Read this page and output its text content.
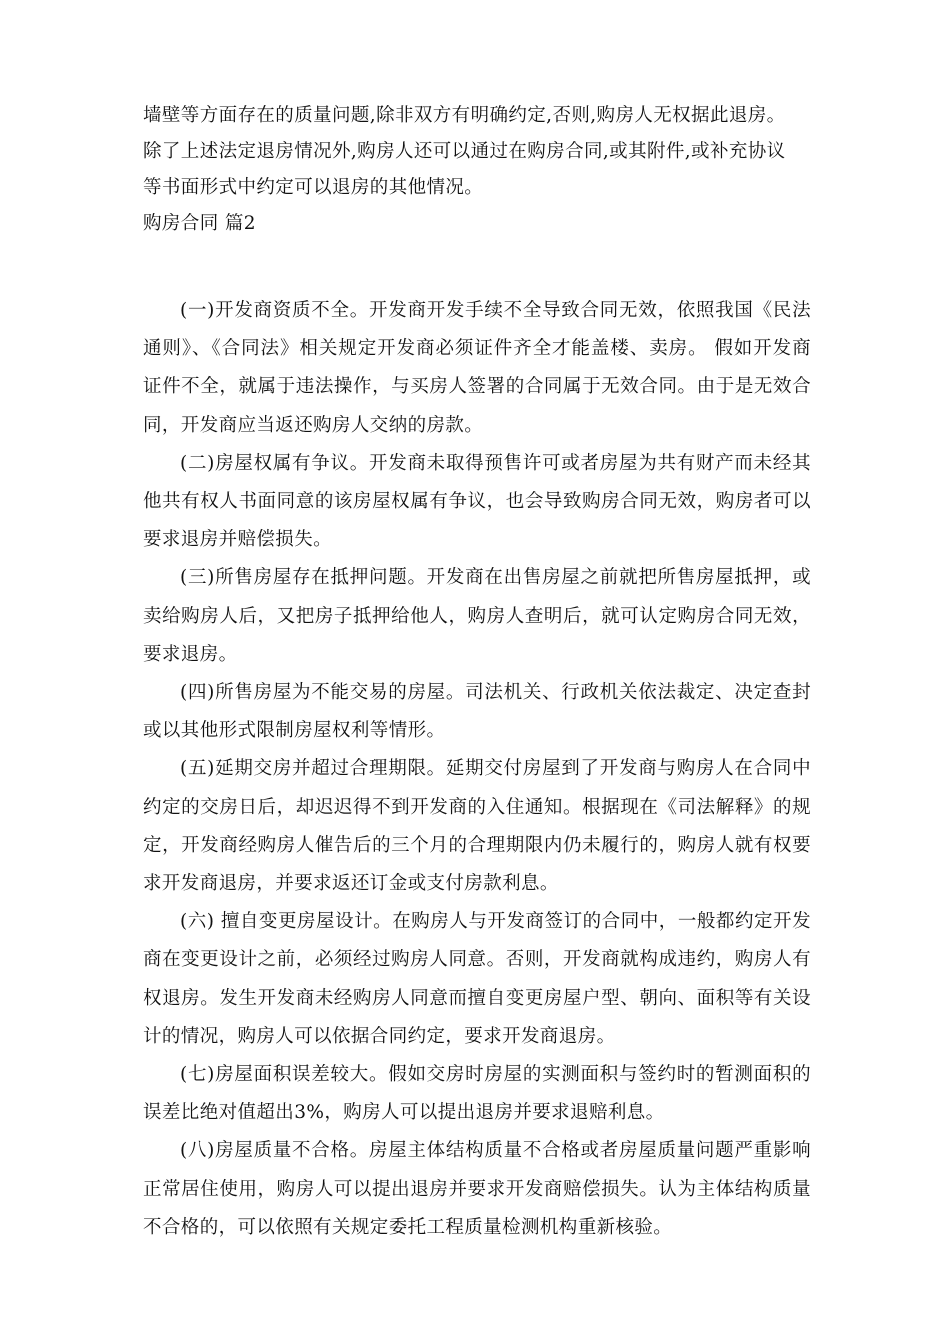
墙壁等方面存在的质量问题,除非双方有明确约定,否则,购房人无权据此退房。

除了上述法定退房情况外,购房人还可以通过在购房合同,或其附件,或补充协议

等书面形式中约定可以退房的其他情况。

购房合同 篇2

(一)开发商资质不全。开发商开发手续不全导致合同无效，依照我国《民法通则》、《合同法》相关规定开发商必须证件齐全才能盖楼、卖房。 假如开发商证件不全，就属于违法操作，与买房人签署的合同属于无效合同。由于是无效合同，开发商应当返还购房人交纳的房款。

(二)房屋权属有争议。开发商未取得预售许可或者房屋为共有财产而未经其他共有权人书面同意的该房屋权属有争议，也会导致购房合同无效，购房者可以要求退房并赔偿损失。

(三)所售房屋存在抵押问题。开发商在出售房屋之前就把所售房屋抵押，或卖给购房人后，又把房子抵押给他人，购房人查明后，就可认定购房合同无效，要求退房。

(四)所售房屋为不能交易的房屋。司法机关、行政机关依法裁定、决定查封或以其他形式限制房屋权利等情形。

(五)延期交房并超过合理期限。延期交付房屋到了开发商与购房人在合同中约定的交房日后，却迟迟得不到开发商的入住通知。根据现在《司法解释》的规定，开发商经购房人催告后的三个月的合理期限内仍未履行的，购房人就有权要求开发商退房，并要求返还订金或支付房款利息。

(六) 擅自变更房屋设计。在购房人与开发商签订的合同中，一般都约定开发商在变更设计之前，必须经过购房人同意。否则，开发商就构成违约，购房人有权退房。发生开发商未经购房人同意而擅自变更房屋户型、朝向、面积等有关设计的情况，购房人可以依据合同约定，要求开发商退房。

(七)房屋面积误差较大。假如交房时房屋的实测面积与签约时的暂测面积的误差比绝对值超出3%，购房人可以提出退房并要求退赔利息。

(八)房屋质量不合格。房屋主体结构质量不合格或者房屋质量问题严重影响正常居住使用，购房人可以提出退房并要求开发商赔偿损失。认为主体结构质量不合格的，可以依照有关规定委托工程质量检测机构重新核验。
